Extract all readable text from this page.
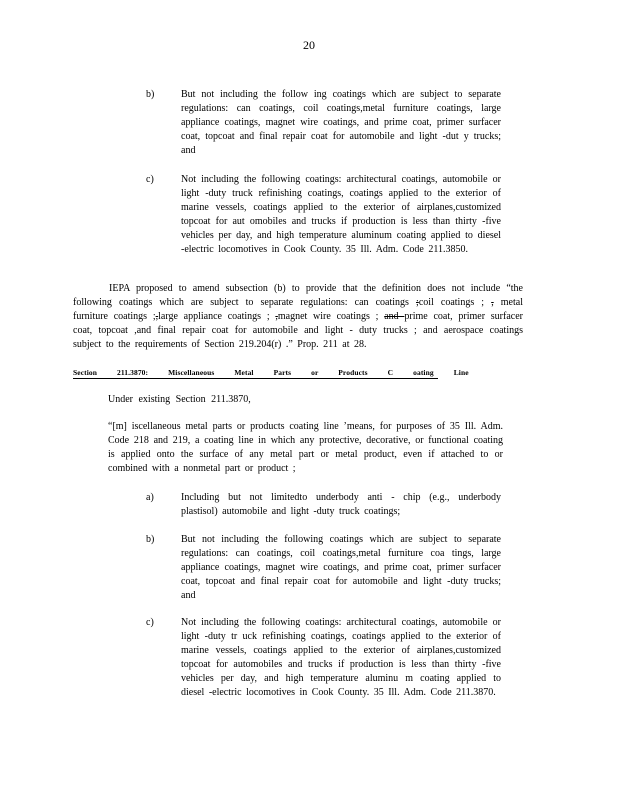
20
b)	But not including the follow ing coatings which are subject to separate regulations: can coatings, coil coatings,metal furniture coatings, large appliance coatings, magnet wire coatings, and prime coat, primer surfacer coat, topcoat and final repair coat for automobile and light -dut y trucks; and
c)	Not including the following coatings: architectural coatings, automobile or light -duty truck refinishing coatings, coatings applied to the exterior of marine vessels, coatings applied to the exterior of airplanes,customized topcoat for aut omobiles and trucks if production is less than thirty -five vehicles per day, and high temperature aluminum coating applied to diesel -electric locomotives in Cook County. 35 Ill. Adm. Code 211.3850.
IEPA proposed to amend subsection (b) to provide that the definition does not include “the following coatings which are subject to separate regulations: can coatings ;coil coatings ; , metal furniture coatings ;,large appliance coatings ; ,magnet wire coatings ; and prime coat, primer surfacer coat, topcoat ,and final repair coat for automobile and light - duty trucks ; and aerospace coatings subject to the requirements of Section 219.204(r) .” Prop. 211 at 28.
Section 211.3870: Miscellaneous Metal Parts or Products C oating Line
Under existing Section 211.3870,
“[m] iscellaneous metal parts or products coating line ’means, for purposes of 35 Ill. Adm. Code 218 and 219, a coating line in which any protective, decorative, or functional coating is applied onto the surface of any metal part or metal product, even if attached to or combined with a nonmetal part or product ;
a)	Including but not limitedto underbody anti - chip (e.g., underbody plastisol) automobile and light -duty truck coatings;
b)	But not including the following coatings which are subject to separate regulations: can coatings, coil coatings,metal furniture coa tings, large appliance coatings, magnet wire coatings, and prime coat, primer surfacer coat, topcoat and final repair coat for automobile and light -duty trucks; and
c)	Not including the following coatings: architectural coatings, automobile or light -duty tr uck refinishing coatings, coatings applied to the exterior of marine vessels, coatings applied to the exterior of airplanes,customized topcoat for automobiles and trucks if production is less than thirty -five vehicles per day, and high temperature aluminu m coating applied to diesel -electric locomotives in Cook County. 35 Ill. Adm. Code 211.3870.
